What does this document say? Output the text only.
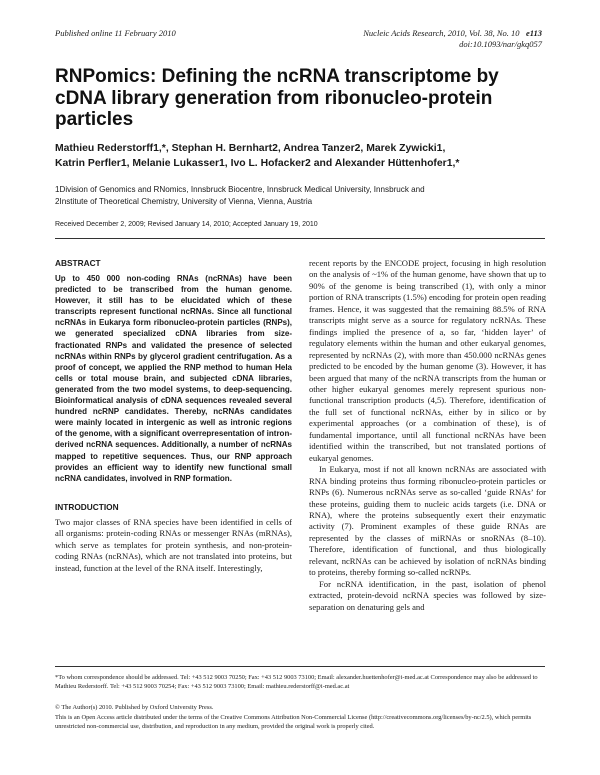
Published online 11 February 2010	Nucleic Acids Research, 2010, Vol. 38, No. 10 e113
doi:10.1093/nar/gkq057
RNPomics: Defining the ncRNA transcriptome by cDNA library generation from ribonucleo-protein particles
Mathieu Rederstorff1,*, Stephan H. Bernhart2, Andrea Tanzer2, Marek Zywicki1,
Katrin Perfler1, Melanie Lukasser1, Ivo L. Hofacker2 and Alexander Hüttenhofer1,*
1Division of Genomics and RNomics, Innsbruck Biocentre, Innsbruck Medical University, Innsbruck and
2Institute of Theoretical Chemistry, University of Vienna, Vienna, Austria
Received December 2, 2009; Revised January 14, 2010; Accepted January 19, 2010
ABSTRACT

Up to 450 000 non-coding RNAs (ncRNAs) have been predicted to be transcribed from the human genome. However, it still has to be elucidated which of these transcripts represent functional ncRNAs. Since all functional ncRNAs in Eukarya form ribonucleo-protein particles (RNPs), we generated specialized cDNA libraries from size-fractionated RNPs and validated the presence of selected ncRNAs within RNPs by glycerol gradient centrifugation. As a proof of concept, we applied the RNP method to human Hela cells or total mouse brain, and subjected cDNA libraries, generated from the two model systems, to deep-sequencing. Bioinformatical analysis of cDNA sequences revealed several hundred ncRNP candidates. Thereby, ncRNAs candidates were mainly located in intergenic as well as intronic regions of the genome, with a significant overrepresentation of intron-derived ncRNA sequences. Additionally, a number of ncRNAs mapped to repetitive sequences. Thus, our RNP approach provides an efficient way to identify new functional small ncRNA candidates, involved in RNP formation.

INTRODUCTION

Two major classes of RNA species have been identified in cells of all organisms: protein-coding RNAs or messenger RNAs (mRNAs), which serve as templates for protein synthesis, and non-protein-coding RNAs (ncRNAs), which are not translated into proteins, but instead, function at the level of the RNA itself. Interestingly,

recent reports by the ENCODE project, focusing in high resolution on the analysis of ~1% of the human genome, have shown that up to 90% of the genome is being transcribed (1), with only a minor portion of RNA transcripts (1.5%) encoding for protein open reading frames. Hence, it was suggested that the remaining 88.5% of RNA transcripts might serve as a source for regulatory ncRNAs. These findings implied the presence of a, so far, ‘hidden layer’ of regulatory elements within the human and other eukaryal genomes, represented by ncRNAs (2), with more than 450.000 ncRNAs genes predicted to be encoded by the human genome (3). However, it has been argued that many of the ncRNA transcripts from the human or other higher eukaryal genomes merely represent spurious non-functional transcription products (4,5). Therefore, identification of the full set of functional ncRNAs, either by in silico or by experimental approaches (or a combination of these), is of fundamental importance, until all functional ncRNAs have been identified within the transcribed, but not translated portions of eukaryal genomes.

In Eukarya, most if not all known ncRNAs are associated with RNA binding proteins thus forming ribonucleo-protein particles or RNPs (6). Numerous ncRNAs serve as so-called ‘guide RNAs’ for these proteins, guiding them to nucleic acids targets (i.e. DNA or RNA), where the proteins subsequently exert their enzymatic activity (7). Prominent examples of these guide RNAs are represented by the classes of miRNAs or snoRNAs (8–10). Therefore, identification of functional, and thus biologically relevant, ncRNAs can be achieved by isolation of ncRNAs binding to proteins, thereby forming so-called ncRNPs.

For ncRNA identification, in the past, isolation of phenol extracted, protein-devoid ncRNA species was followed by size-separation on denaturing gels and

*To whom correspondence should be addressed. Tel: +43 512 9003 70250; Fax: +43 512 9003 73100; Email: alexander.huettenhofer@i-med.ac.at Correspondence may also be addressed to Mathieu Rederstorff. Tel: +43 512 9003 70254; Fax: +43 512 9003 73100; Email: mathieu.rederstorff@i-med.ac.at
© The Author(s) 2010. Published by Oxford University Press.
This is an Open Access article distributed under the terms of the Creative Commons Attribution Non-Commercial License (http://creativecommons.org/licenses/by-nc/2.5), which permits unrestricted non-commercial use, distribution, and reproduction in any medium, provided the original work is properly cited.
